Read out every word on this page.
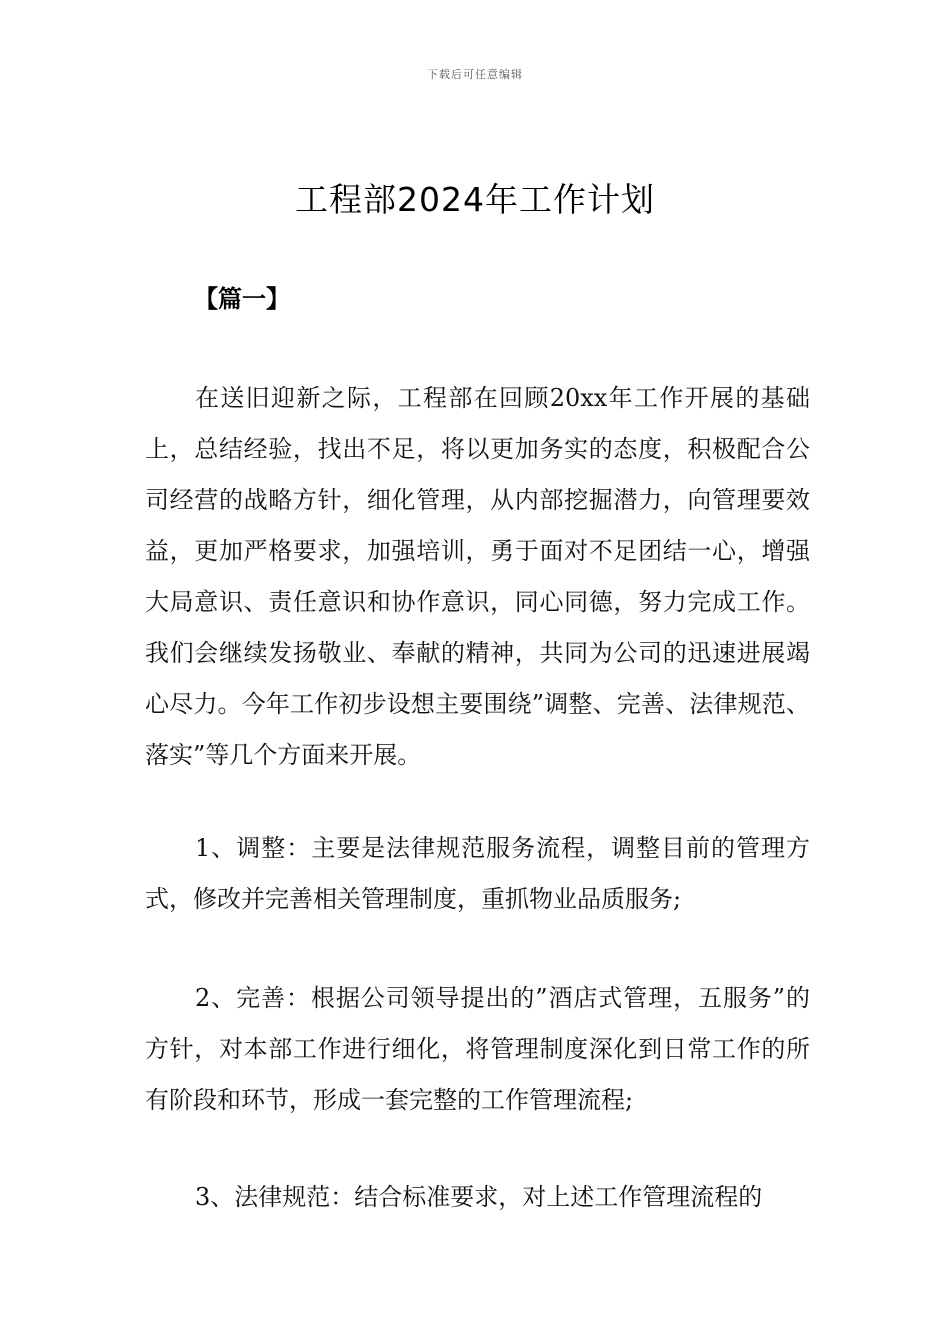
下载后可任意编辑
工程部2024年工作计划
【篇一】

在送旧迎新之际，工程部在回顾20xx年工作开展的基础上，总结经验，找出不足，将以更加务实的态度，积极配合公司经营的战略方针，细化管理，从内部挖掘潜力，向管理要效益，更加严格要求，加强培训，勇于面对不足团结一心，增强大局意识、责任意识和协作意识，同心同德，努力完成工作。我们会继续发扬敬业、奉献的精神，共同为公司的迅速进展竭心尽力。今年工作初步设想主要围绕”调整、完善、法律规范、落实”等几个方面来开展。

1、调整：主要是法律规范服务流程，调整目前的管理方式，修改并完善相关管理制度，重抓物业品质服务;

2、完善：根据公司领导提出的”酒店式管理，五服务”的方针，对本部工作进行细化，将管理制度深化到日常工作的所有阶段和环节，形成一套完整的工作管理流程;

3、法律规范：结合标准要求，对上述工作管理流程的
